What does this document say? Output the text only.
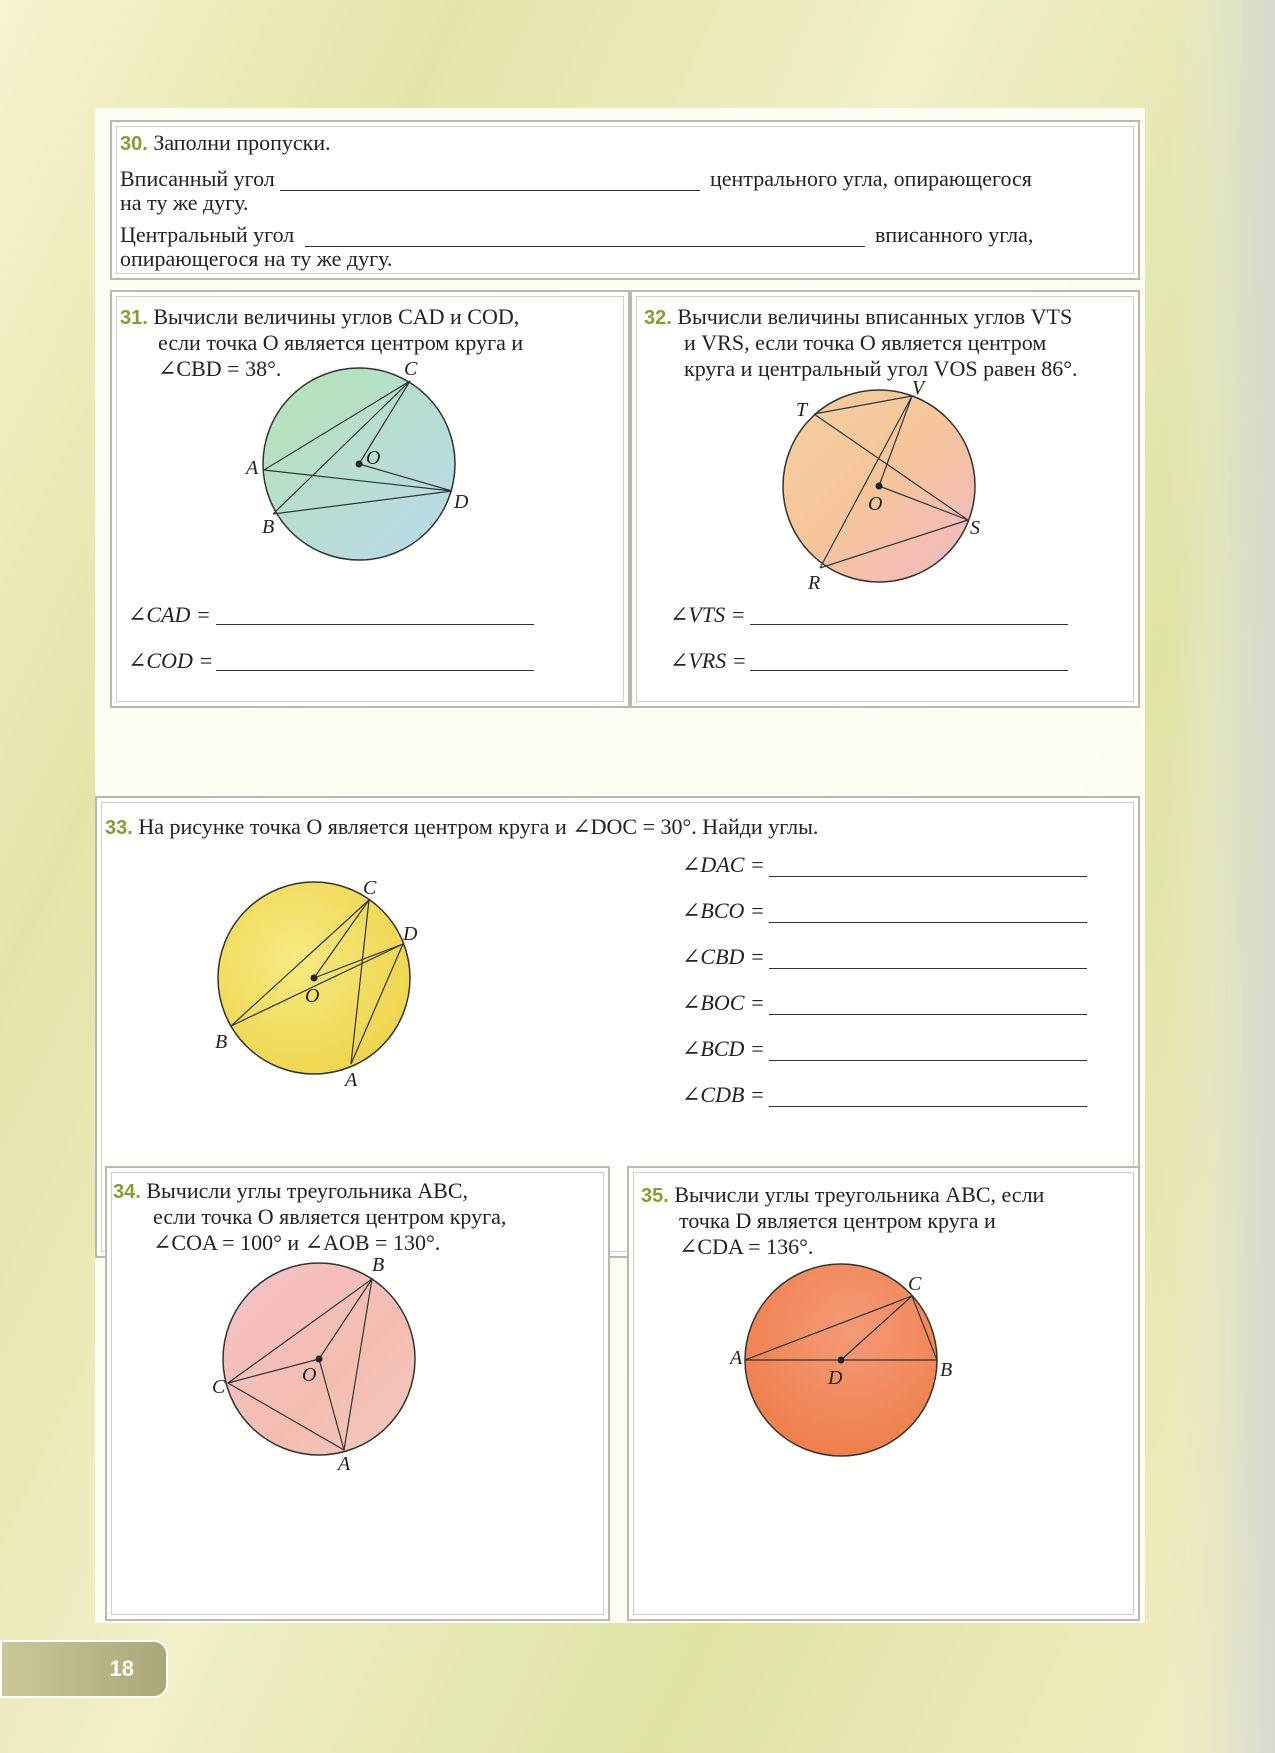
30. Заполни пропуски.
Вписанный угол	центрального угла, опирающегося
на ту же дугу.
Центральный угол	вписанного угла,
опирающегося на ту же дугу.
31. Вычисли величины углов CAD и COD,
если точка O является центром круга и
∠CBD = 38°.	C
O
A
D
B
∠CAD =
∠COD =
32. Вычисли величины вписанных углов VTS
и VRS, если точка O является центром
круга и центральный угол VOS равен 86°.
V
T
O
S
R
∠VTS =
∠VRS =
33. На рисунке точка O является центром круга и ∠DOC = 30°. Найди углы.
C
D
O
B
A
∠DAC =
∠BCO =
∠CBD =
∠BOC =
∠BCD =
∠CDB =
34. Вычисли углы треугольника ABC,
если точка O является центром круга,
∠COA = 100° и ∠AOB = 130°.
B
C
O
A
35. Вычисли углы треугольника ABC, если
точка D является центром круга и
∠CDA = 136°.
C
A
D	B
18
